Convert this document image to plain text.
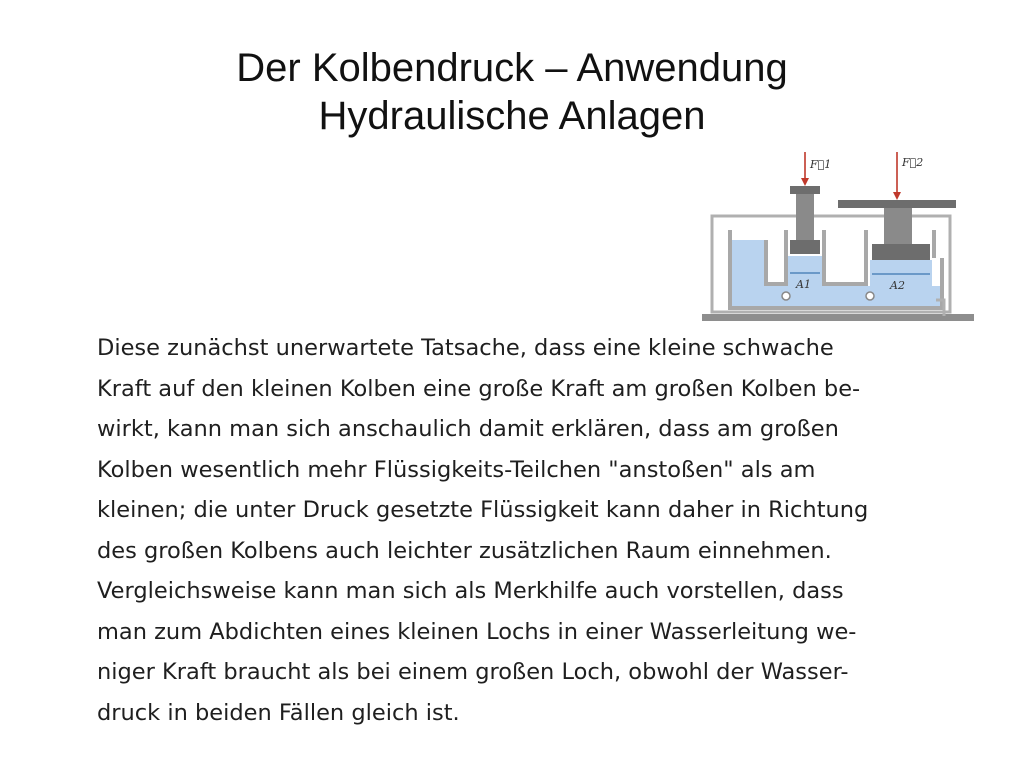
Der Kolbendruck – Anwendung
Hydraulische Anlagen
F⃗1	F⃗2
A1	A2
Diese zunächst unerwartete Tatsache, dass eine kleine schwache
Kraft auf den kleinen Kolben eine große Kraft am großen Kolben be-
wirkt, kann man sich anschaulich damit erklären, dass am großen
Kolben wesentlich mehr Flüssigkeits-Teilchen "anstoßen" als am
kleinen; die unter Druck gesetzte Flüssigkeit kann daher in Richtung
des großen Kolbens auch leichter zusätzlichen Raum einnehmen.
Vergleichsweise kann man sich als Merkhilfe auch vorstellen, dass
man zum Abdichten eines kleinen Lochs in einer Wasserleitung we-
niger Kraft braucht als bei einem großen Loch, obwohl der Wasser-
druck in beiden Fällen gleich ist.
